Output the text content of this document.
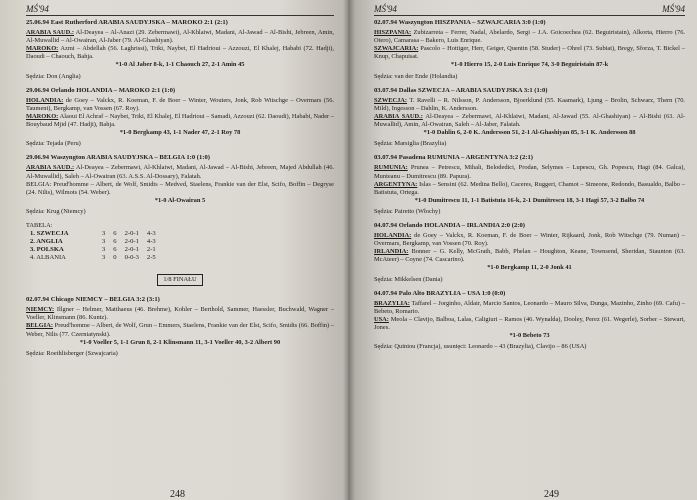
MŚ'94
25.06.94 East Rutherford ARABIA SAUDYJSKA – MAROKO 2:1 (2:1)
ARABIA SAUD.: Al-Deayea – Al-Anazi (29. Zebermawi), Al-Khlaiwi, Madani, Al-Jawad – Al-Bishi, Jebreen, Amin, Al-Muwallid – Al-Owairan, Al-Jaber (79. Al-Ghashiyan).
MAROKO: Azmi – Abdellah (56. Laghrissi), Triki, Naybet, El Hadrioui – Azzouzi, El Khalej, Hababi (72. Hadji), Daoudi – Chaouch, Bahja.
*1-0 Al Jaber 8-k, 1-1 Chaouch 27, 2-1 Amin 45
Sędzia: Don (Anglia)
29.06.94 Orlando HOLANDIA – MAROKO 2:1 (1:0)
HOLANDIA: de Goey – Valckx, R. Koeman, F. de Boer – Winter, Wouters, Jonk, Rob Witschge – Overmars (56. Taument), Bergkamp, van Vossen (67. Roy).
MAROKO: Alaoui El Achraf – Naybet, Triki, El Khalej, El Hadrioui – Samadi, Azzouzi (62. Daoudi), Hababi, Nader – Bouybaud Mjid (47. Hadji), Bahja.
*1-0 Bergkamp 43, 1-1 Nader 47, 2-1 Roy 78
Sędzia: Tejada (Peru)
29.06.94 Waszyngton ARABIA SAUDYJSKA – BELGIA 1:0 (1:0)
ARABIA SAUD.: Al-Deayea – Zebermawi, Al-Khlaiwi, Madani, Al-Jawad – Al-Bishi, Jebreen, Majed Abdullah (46. Al-Muwallid), Saleh – Al-Owairan (63. A.S.S. Al-Dossary), Falatah.
BELGIA: Preud'homme – Albert, de Wolf, Smidts – Medved, Staelens, Frankie van der Elst, Scifo, Boffin – Degryse (24. Nilis), Wilmots (54. Weber).
*1-0 Al-Owairan 5
Sędzia: Krug (Niemcy)
TABELA:
1. SZWECJA	3	6	2-0-1	4-3
2. ANGLIA	3	6	2-0-1	4-3
3. POLSKA	3	6	2-0-1	2-1
4. ALBANIA	3	0	0-0-3	2-5
1/8 FINAŁU
02.07.94 Chicago NIEMCY – BELGIA 3:2 (3:1)
NIEMCY: Illgner – Helmer, Matthaeus (46. Brehme), Kohler – Berthold, Sammer, Haessler, Buchwald, Wagner – Voeller, Klinsmann (86. Kuntz).
BELGIA: Preud'homme – Albert, de Wolf, Grun – Emmers, Staelens, Frankie van der Elst, Scifo, Smidts (66. Boffin) – Weber, Nilis (77. Czerniatynski).
*1-0 Voeller 5, 1-1 Grun 8, 2-1 Klinsmann 11, 3-1 Voeller 40, 3-2 Albert 90
Sędzia: Roethlisberger (Szwajcaria)
248
MŚ'94	MŚ'94
02.07.94 Waszyngton HISZPANIA – SZWAJCARIA 3:0 (1:0)
HISZPANIA: Zubizarreta – Ferrer, Nadal, Abelardo, Sergi – J.A. Goicoechea (62. Beguiristain), Alkorta, Hierro (76. Otero), Camarasa – Bakero, Luis Enrique.
SZWAJCARIA: Pascolo – Hottiger, Herr, Geiger, Quentin (58. Studer) – Ohrel (73. Subiat), Bregy, Sforza, T. Bickel – Knup, Chapuisat.
*1-0 Hierro 15, 2-0 Luis Enrique 74, 3-0 Beguiristain 87-k
Sędzia: van der Ende (Holandia)
03.07.94 Dallas SZWECJA – ARABIA SAUDYJSKA 3:1 (1:0)
SZWECJA: T. Ravelli – R. Nilsson, P. Andersson, Bjoerklund (55. Kaamark), Ljung – Brolin, Schwarz, Thern (70. Mild), Ingesson – Dahlin, K. Andersson.
ARABIA SAUD.: Al-Deayea – Zebermawi, Al-Khlaiwi, Madani, Al-Jawad (55. Al-Ghashiyan) – Al-Bishi (63. Al-Muwallid), Amin, Al-Owairan, Saleh – Al-Jaber, Falatah.
*1-0 Dahlin 6, 2-0 K. Andersson 51, 2-1 Al-Ghashiyan 85, 3-1 K. Andersson 88
Sędzia: Marsiglia (Brazylia)
03.07.94 Pasadena RUMUNIA – ARGENTYNA 3:2 (2:1)
RUMUNIA: Prunea – Petrescu, Mihali, Belodedici, Prodan, Selymes – Lupescu, Gh. Popescu, Hagi (84. Galca), Munteanu – Dumitrescu (89. Papura).
ARGENTYNA: Islas – Sensini (62. Medina Bello), Caceres, Ruggeri, Chamot – Simeone, Redondo, Basualdo, Balbo – Batistuta, Ortega.
*1-0 Dumitrescu 11, 1-1 Batistuta 16-k, 2-1 Dumitrescu 18, 3-1 Hagi 57, 3-2 Balbo 74
Sędzia: Pairetto (Włochy)
04.07.94 Orlando HOLANDIA – IRLANDIA 2:0 (2:0)
HOLANDIA: de Goey – Valckx, R. Koeman, F. de Boer – Winter, Rijkaard, Jonk, Rob Witschge (79. Numan) – Overmars, Bergkamp, van Vossen (70. Roy).
IRLANDIA: Bonner – G. Kelly, McGrath, Babb, Phelan – Houghton, Keane, Townsend, Sheridan, Staunton (63. McAteer) – Coyne (74. Cascarino).
*1-0 Bergkamp 11, 2-0 Jonk 41
Sędzia: Mikkelsen (Dania)
04.07.94 Palo Alto BRAZYLIA – USA 1:0 (0:0)
BRAZYLIA: Taffarel – Jorginho, Aldair, Marcio Santos, Leonardo – Mauro Silva, Dunga, Mazinho, Zinho (69. Cafu) – Bebeto, Romario.
USA: Meola – Clavijo, Balboa, Lalas, Caligiuri – Ramos (46. Wynalda), Dooley, Perez (61. Wegerle), Sorber – Stewart, Jones.
*1-0 Bebeto 73
Sędzia: Quiniou (Francja), usunięci: Leonardo – 43 (Brazylia), Clavijo – 86 (USA)
249
